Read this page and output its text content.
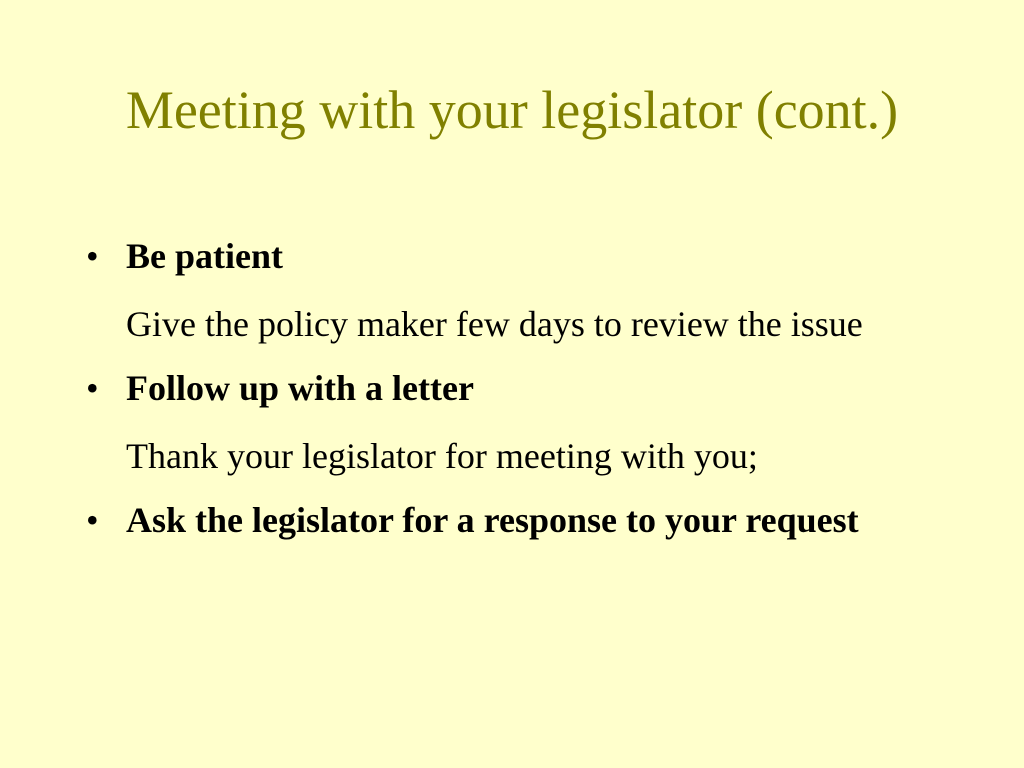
Meeting with your legislator (cont.)
• Be patient
Give the policy maker few days to review the issue
• Follow up with a letter
Thank your legislator for meeting with you;
• Ask the legislator for a response to your request
